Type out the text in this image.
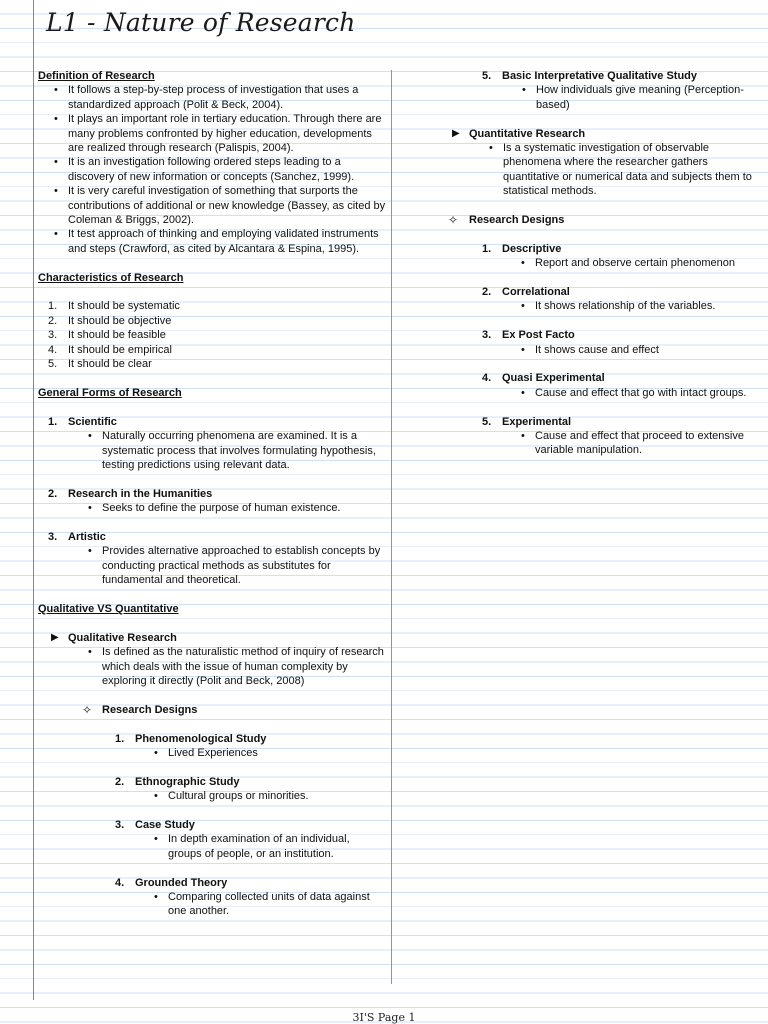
L1 - Nature of Research
Definition of Research
• It follows a step-by-step process of investigation that uses a standardized approach (Polit & Beck, 2004).
• It plays an important role in tertiary education. Through there are many problems confronted by higher education, developments are realized through research (Palispis, 2004).
• It is an investigation following ordered steps leading to a discovery of new information or concepts (Sanchez, 1999).
• It is very careful investigation of something that surports the contributions of additional or new knowledge (Bassey, as cited by Coleman & Briggs, 2002).
• It test approach of thinking and employing validated instruments and steps (Crawford, as cited by Alcantara & Espina, 1995).
Characteristics of Research
1. It should be systematic
2. It should be objective
3. It should be feasible
4. It should be empirical
5. It should be clear
General Forms of Research
1. Scientific
• Naturally occurring phenomena are examined. It is a systematic process that involves formulating hypothesis, testing predictions using relevant data.
2. Research in the Humanities
• Seeks to define the purpose of human existence.
3. Artistic
• Provides alternative approached to establish concepts by conducting practical methods as substitutes for fundamental and theoretical.
Qualitative VS Quantitative
▶ Qualitative Research
• Is defined as the naturalistic method of inquiry of research which deals with the issue of human complexity by exploring it directly (Polit and Beck, 2008)
✧ Research Designs
1. Phenomenological Study
• Lived Experiences
2. Ethnographic Study
• Cultural groups or minorities.
3. Case Study
• In depth examination of an individual, groups of people, or an institution.
4. Grounded Theory
• Comparing collected units of data against one another.
5. Basic Interpretative Qualitative Study
• How individuals give meaning (Perception-based)
▶ Quantitative Research
• Is a systematic investigation of observable phenomena where the researcher gathers quantitative or numerical data and subjects them to statistical methods.
✧ Research Designs
1. Descriptive
• Report and observe certain phenomenon
2. Correlational
• It shows relationship of the variables.
3. Ex Post Facto
• It shows cause and effect
4. Quasi Experimental
• Cause and effect that go with intact groups.
5. Experimental
• Cause and effect that proceed to extensive variable manipulation.
3I'S Page 1
